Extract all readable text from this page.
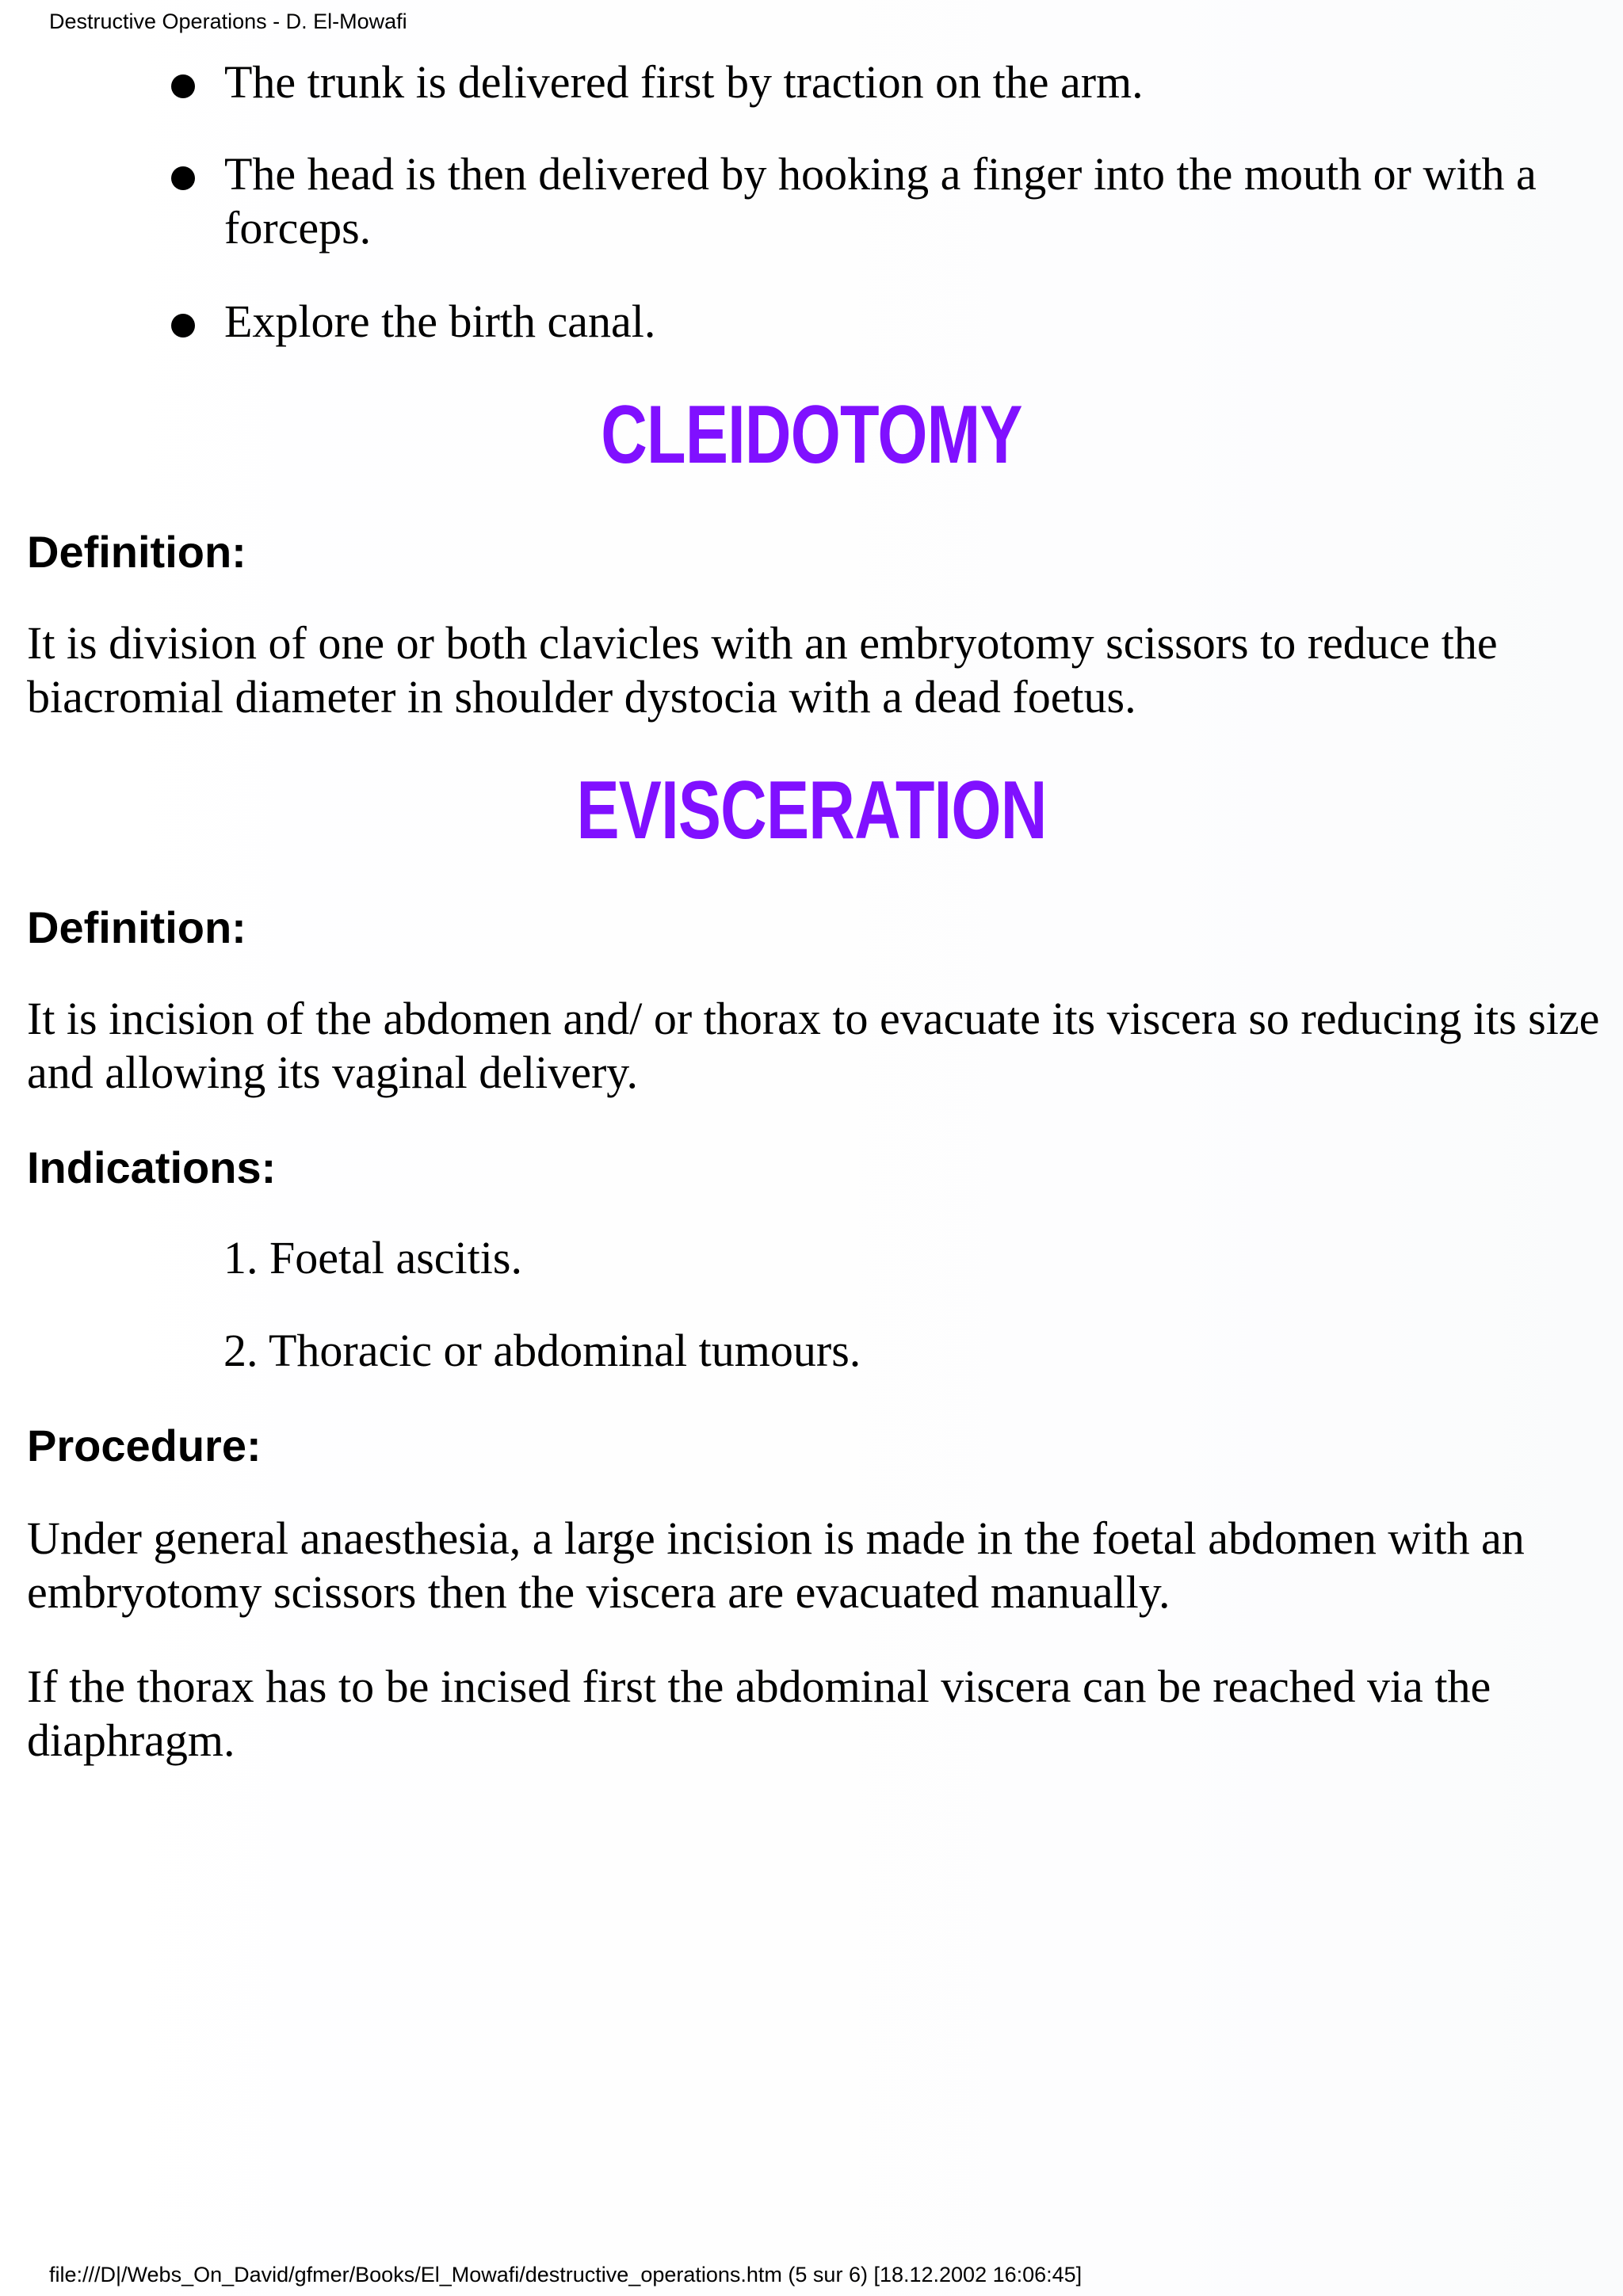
Destructive Operations - D. El-Mowafi
The trunk is delivered first by traction on the arm.
The head is then delivered by hooking a finger into the mouth or with a forceps.
Explore the birth canal.
CLEIDOTOMY
Definition:
It is division of one or both clavicles with an embryotomy scissors to reduce the biacromial diameter in shoulder dystocia with a dead foetus.
EVISCERATION
Definition:
It is incision of the abdomen and/ or thorax to evacuate its viscera so reducing its size and allowing its vaginal delivery.
Indications:
1. Foetal ascitis.
2. Thoracic or abdominal tumours.
Procedure:
Under general anaesthesia, a large incision is made in the foetal abdomen with an embryotomy scissors then the viscera are evacuated manually.
If the thorax has to be incised first the abdominal viscera can be reached via the diaphragm.
file:///D|/Webs_On_David/gfmer/Books/El_Mowafi/destructive_operations.htm (5 sur 6) [18.12.2002 16:06:45]
